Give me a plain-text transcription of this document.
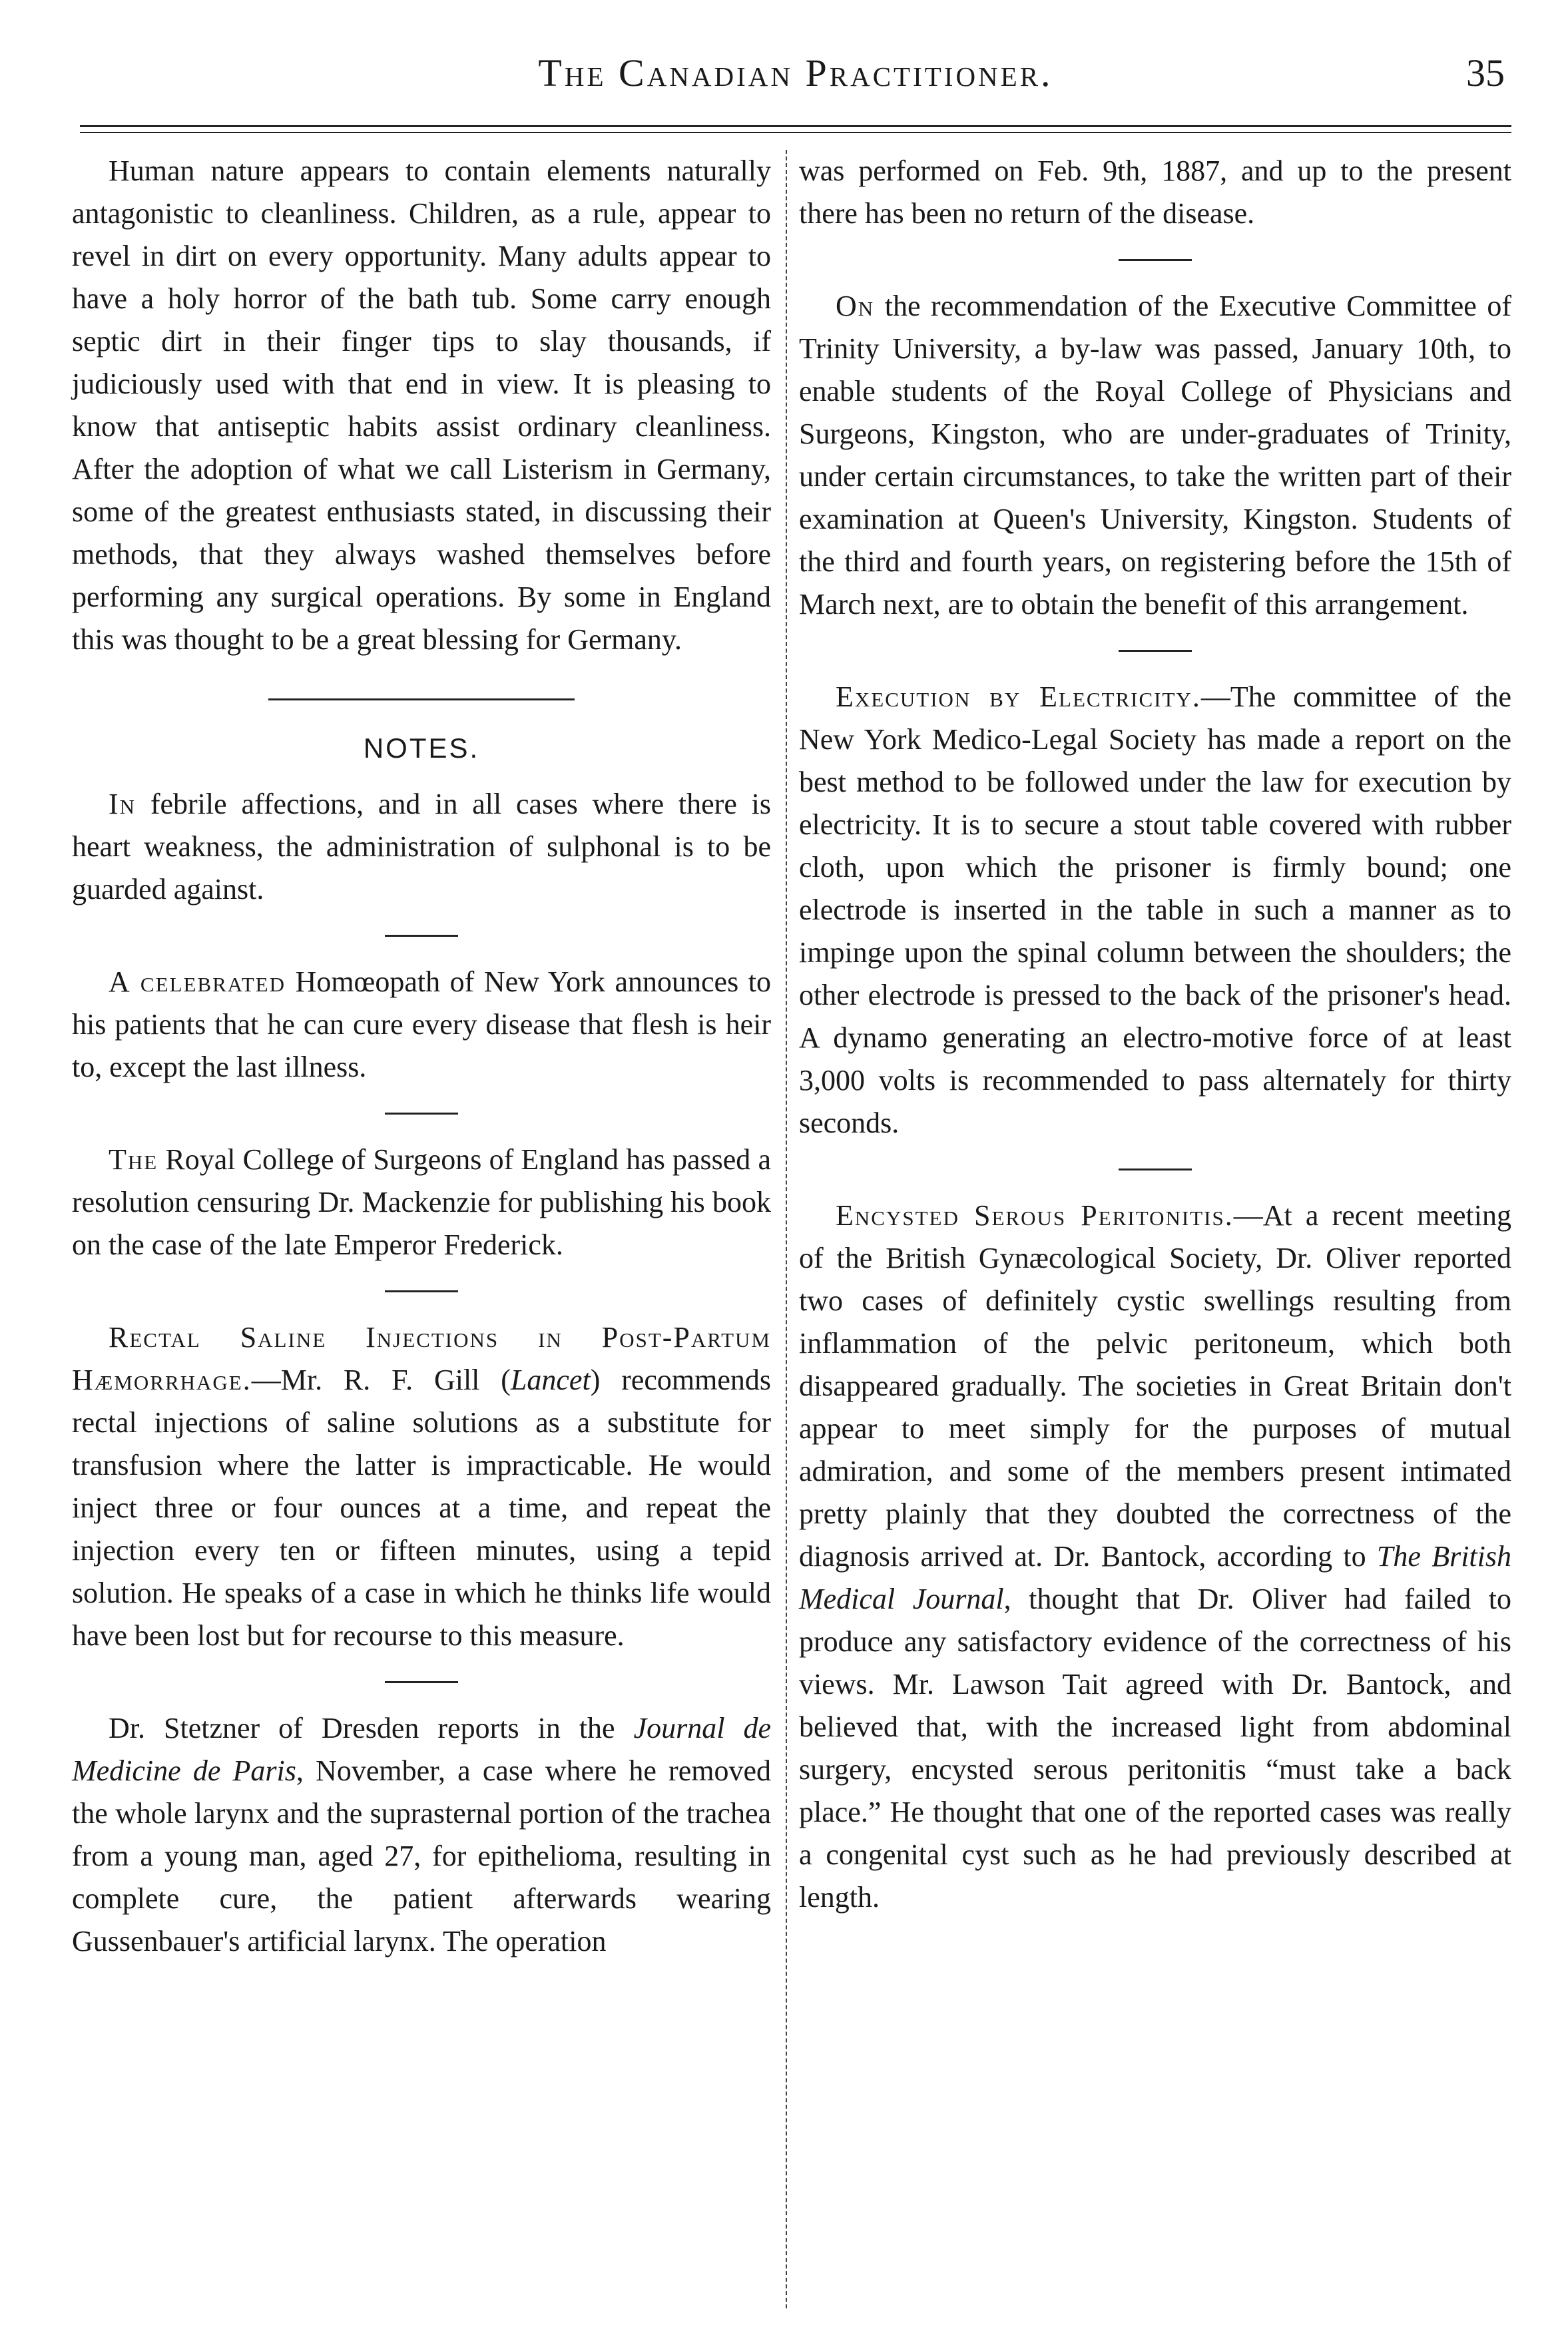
The Canadian Practitioner.	35

Human nature appears to contain elements naturally antagonistic to cleanliness. Children, as a rule, appear to revel in dirt on every opportunity. Many adults appear to have a holy horror of the bath tub. Some carry enough septic dirt in their finger tips to slay thousands, if judiciously used with that end in view. It is pleasing to know that antiseptic habits assist ordinary cleanliness. After the adoption of what we call Listerism in Germany, some of the greatest enthusiasts stated, in discussing their methods, that they always washed themselves before performing any surgical operations. By some in England this was thought to be a great blessing for Germany.

NOTES.

In febrile affections, and in all cases where there is heart weakness, the administration of sulphonal is to be guarded against.

A celebrated Homœopath of New York announces to his patients that he can cure every disease that flesh is heir to, except the last illness.

The Royal College of Surgeons of England has passed a resolution censuring Dr. Mackenzie for publishing his book on the case of the late Emperor Frederick.

Rectal Saline Injections in Post-Partum Hæmorrhage.—Mr. R. F. Gill (Lancet) recommends rectal injections of saline solutions as a substitute for transfusion where the latter is impracticable. He would inject three or four ounces at a time, and repeat the injection every ten or fifteen minutes, using a tepid solution. He speaks of a case in which he thinks life would have been lost but for recourse to this measure.

Dr. Stetzner of Dresden reports in the Journal de Medicine de Paris, November, a case where he removed the whole larynx and the suprasternal portion of the trachea from a young man, aged 27, for epithelioma, resulting in complete cure, the patient afterwards wearing Gussenbauer's artificial larynx. The operation

was performed on Feb. 9th, 1887, and up to the present there has been no return of the disease.

On the recommendation of the Executive Committee of Trinity University, a by-law was passed, January 10th, to enable students of the Royal College of Physicians and Surgeons, Kingston, who are under-graduates of Trinity, under certain circumstances, to take the written part of their examination at Queen's University, Kingston. Students of the third and fourth years, on registering before the 15th of March next, are to obtain the benefit of this arrangement.

Execution by Electricity.—The committee of the New York Medico-Legal Society has made a report on the best method to be followed under the law for execution by electricity. It is to secure a stout table covered with rubber cloth, upon which the prisoner is firmly bound; one electrode is inserted in the table in such a manner as to impinge upon the spinal column between the shoulders; the other electrode is pressed to the back of the prisoner's head. A dynamo generating an electro-motive force of at least 3,000 volts is recommended to pass alternately for thirty seconds.

Encysted Serous Peritonitis.—At a recent meeting of the British Gynæcological Society, Dr. Oliver reported two cases of definitely cystic swellings resulting from inflammation of the pelvic peritoneum, which both disappeared gradually. The societies in Great Britain don't appear to meet simply for the purposes of mutual admiration, and some of the members present intimated pretty plainly that they doubted the correctness of the diagnosis arrived at. Dr. Bantock, according to The British Medical Journal, thought that Dr. Oliver had failed to produce any satisfactory evidence of the correctness of his views. Mr. Lawson Tait agreed with Dr. Bantock, and believed that, with the increased light from abdominal surgery, encysted serous peritonitis “must take a back place.” He thought that one of the reported cases was really a congenital cyst such as he had previously described at length.
